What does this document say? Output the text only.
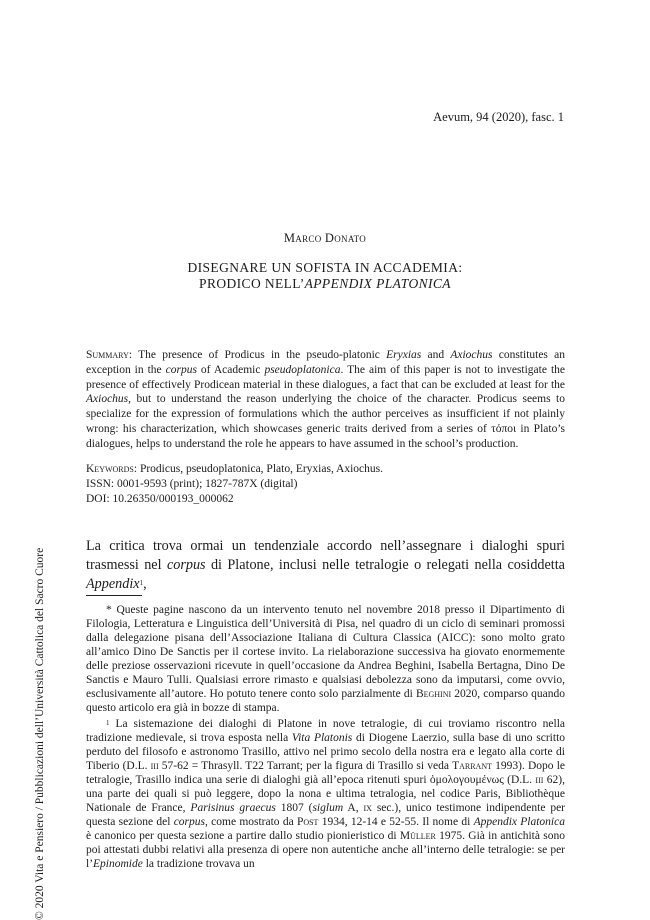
Aevum, 94 (2020), fasc. 1
© 2020 Vita e Pensiero / Pubblicazioni dell’Università Cattolica del Sacro Cuore
Marco Donato
DISEGNARE UN SOFISTA IN ACCADEMIA:
PRODICO NELL’APPENDIX PLATONICA
Summary: The presence of Prodicus in the pseudo-platonic Eryxias and Axiochus constitutes an exception in the corpus of Academic pseudoplatonica. The aim of this paper is not to investigate the presence of effectively Prodicean material in these dialogues, a fact that can be excluded at least for the Axiochus, but to understand the reason underlying the choice of the character. Prodicus seems to specialize for the expression of formulations which the author perceives as insufficient if not plainly wrong: his characterization, which showcases generic traits derived from a series of τόποι in Plato’s dialogues, helps to understand the role he appears to have assumed in the school’s production.
Keywords: Prodicus, pseudoplatonica, Plato, Eryxias, Axiochus.
ISSN: 0001-9593 (print); 1827-787X (digital)
DOI: 10.26350/000193_000062
La critica trova ormai un tendenziale accordo nell’assegnare i dialoghi spuri trasmessi nel corpus di Platone, inclusi nelle tetralogie o relegati nella cosiddetta Appendix$^1$,

* Queste pagine nascono da un intervento tenuto nel novembre 2018 presso il Dipartimento di Filologia, Letteratura e Linguistica dell’Università di Pisa, nel quadro di un ciclo di seminari promossi dalla delegazione pisana dell’Associazione Italiana di Cultura Classica (AICC): sono molto grato all’amico Dino De Sanctis per il cortese invito. La rielaborazione successiva ha giovato enormemente delle preziose osservazioni ricevute in quell’occasione da Andrea Beghini, Isabella Bertagna, Dino De Sanctis e Mauro Tulli. Qualsiasi errore rimasto e qualsiasi debolezza sono da imputarsi, come ovvio, esclusivamente all’autore. Ho potuto tenere conto solo parzialmente di Beghini 2020, comparso quando questo articolo era già in bozze di stampa.

$^1$ La sistemazione dei dialoghi di Platone in nove tetralogie, di cui troviamo riscontro nella tradizione medievale, si trova esposta nella Vita Platonis di Diogene Laerzio, sulla base di uno scritto perduto del filosofo e astronomo Trasillo, attivo nel primo secolo della nostra era e legato alla corte di Tiberio (D.L. iii 57-62 = Thrasyll. T22 Tarrant; per la figura di Trasillo si veda Tarrant 1993). Dopo le tetralogie, Trasillo indica una serie di dialoghi già all’epoca ritenuti spuri ὁμολογουμένως (D.L. iii 62), una parte dei quali si può leggere, dopo la nona e ultima tetralogia, nel codice Paris, Bibliothèque Nationale de France, Parisinus graecus 1807 (siglum A, ix sec.), unico testimone indipendente per questa sezione del corpus, come mostrato da Post 1934, 12-14 e 52-55. Il nome di Appendix Platonica è canonico per questa sezione a partire dallo studio pionieristico di Müller 1975. Già in antichità sono poi attestati dubbi relativi alla presenza di opere non autentiche anche all’interno delle tetralogie: se per l’Epinomide la tradizione trovava un
